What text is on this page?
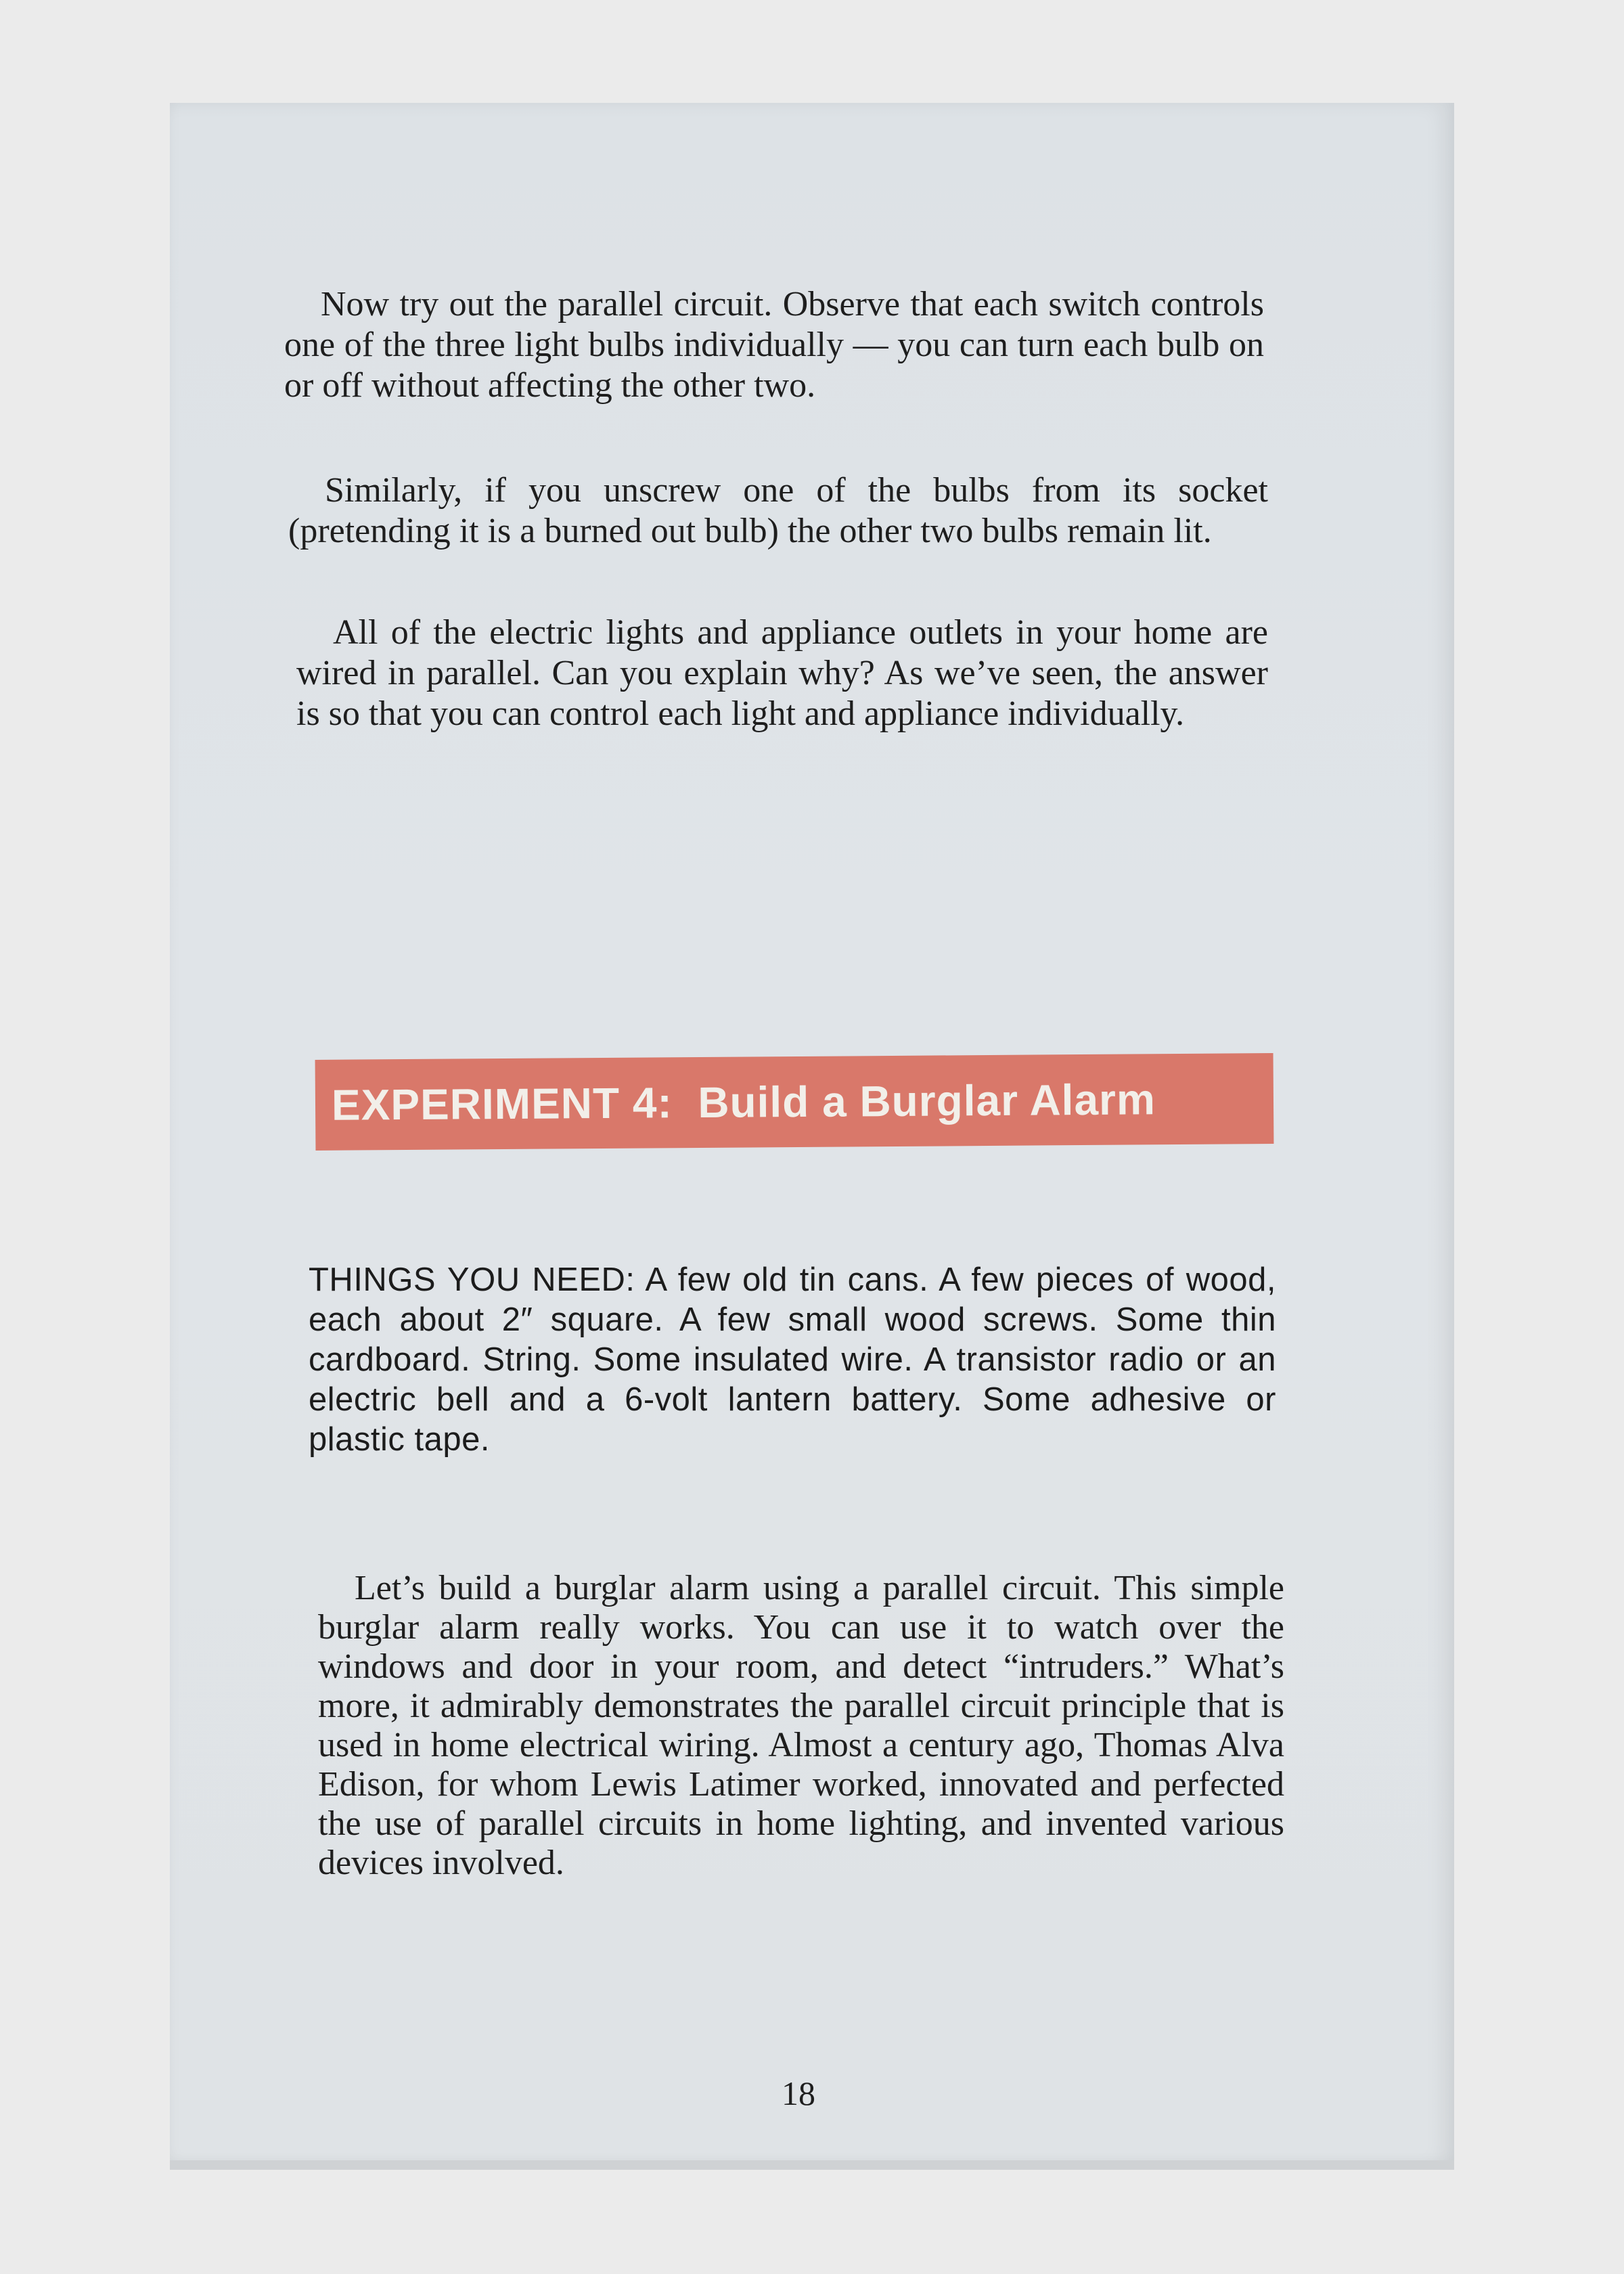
Now try out the parallel circuit. Observe that each switch controls one of the three light bulbs individually — you can turn each bulb on or off without affecting the other two.

Similarly, if you unscrew one of the bulbs from its socket (pretending it is a burned out bulb) the other two bulbs remain lit.

All of the electric lights and appliance outlets in your home are wired in parallel. Can you explain why? As we’ve seen, the answer is so that you can control each light and appliance individually.

EXPERIMENT 4:  Build a Burglar Alarm

THINGS YOU NEED: A few old tin cans. A few pieces of wood, each about 2″ square. A few small wood screws. Some thin cardboard. String. Some insulated wire. A transistor radio or an electric bell and a 6-volt lantern battery. Some adhesive or plastic tape.

Let’s build a burglar alarm using a parallel circuit. This simple burglar alarm really works. You can use it to watch over the windows and door in your room, and detect “intruders.” What’s more, it admirably demonstrates the parallel circuit principle that is used in home electrical wiring. Almost a century ago, Thomas Alva Edison, for whom Lewis Latimer worked, innovated and perfected the use of parallel circuits in home lighting, and invented various devices involved.

18
